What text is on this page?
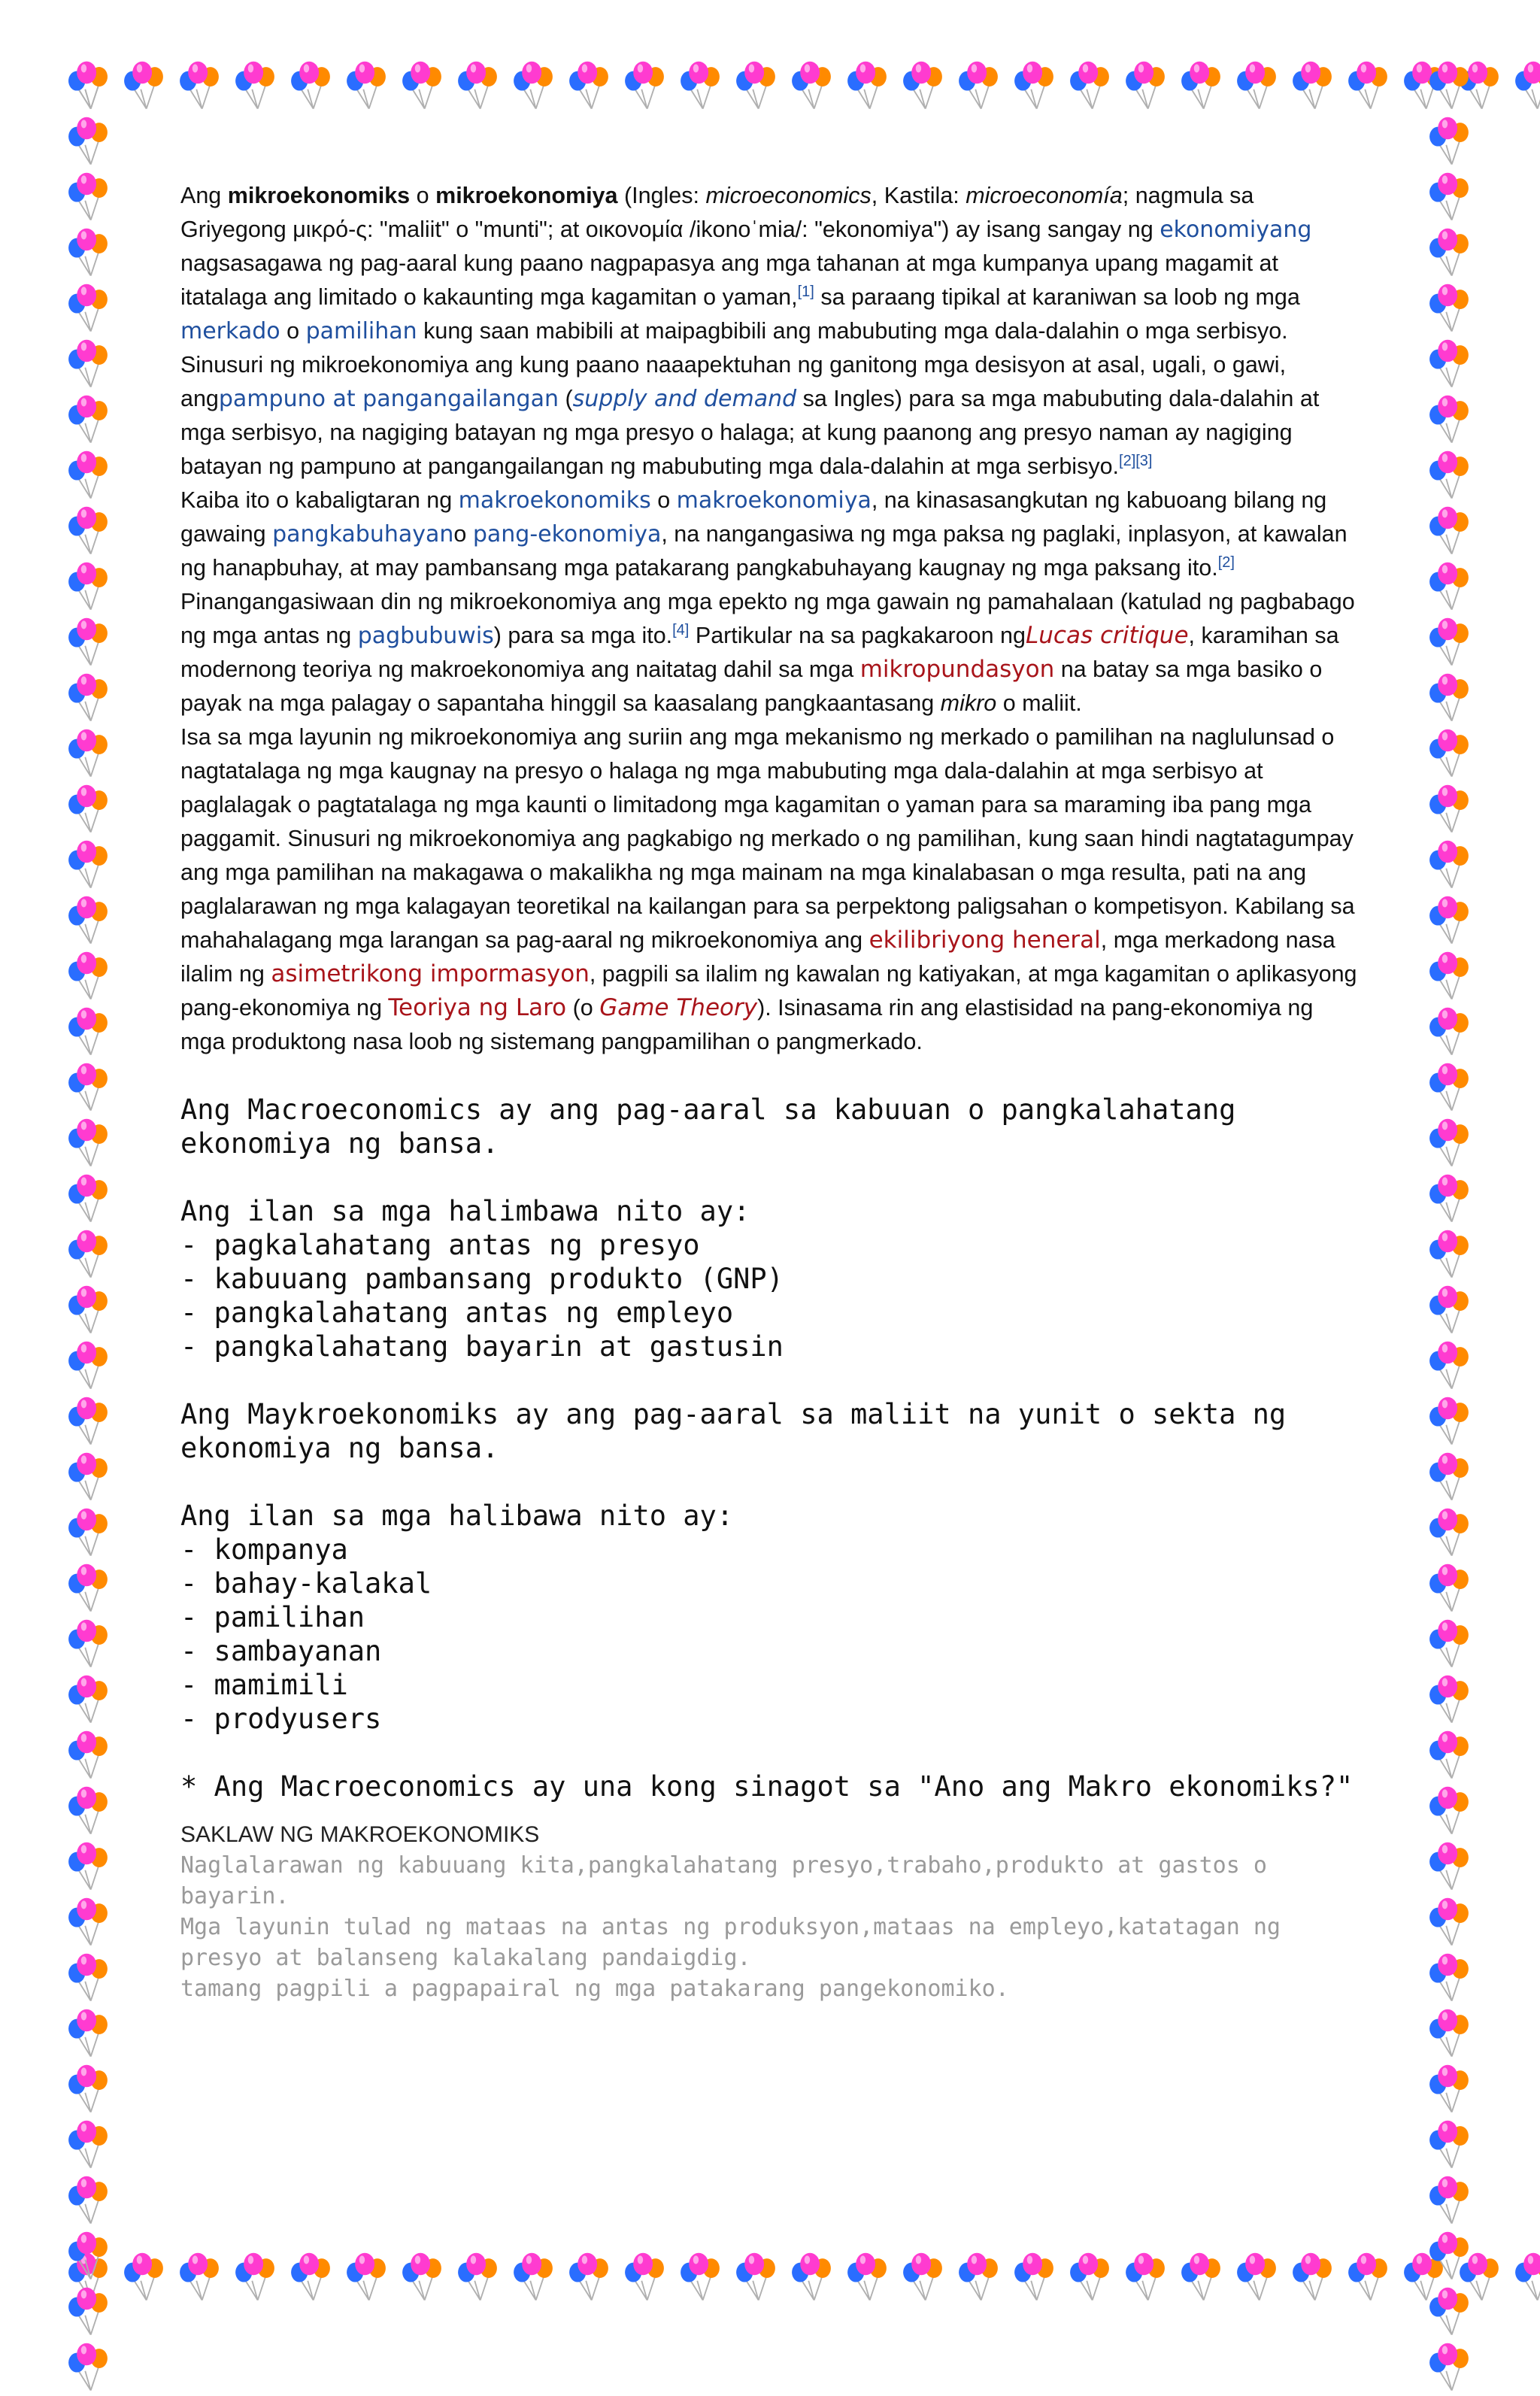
Ang mikroekonomiks o mikroekonomiya (Ingles: microeconomics, Kastila: microeconomía; nagmula sa Griyegong μικρό-ς: "maliit" o "munti"; at οικονομία /ikonoˈmia/: "ekonomiya") ay isang sangay ng ekonomiyang nagsasagawa ng pag-aaral kung paano nagpapasya ang mga tahanan at mga kumpanya upang magamit at itatalaga ang limitado o kakaunting mga kagamitan o yaman,[1] sa paraang tipikal at karaniwan sa loob ng mga merkado o pamilihan kung saan mabibili at maipagbibili ang mabubuting mga dala-dalahin o mga serbisyo. Sinusuri ng mikroekonomiya ang kung paano naaapektuhan ng ganitong mga desisyon at asal, ugali, o gawi, angpampuno at pangangailangan (supply and demand sa Ingles) para sa mga mabubuting dala-dalahin at mga serbisyo, na nagiging batayan ng mga presyo o halaga; at kung paanong ang presyo naman ay nagiging batayan ng pampuno at pangangailangan ng mabubuting mga dala-dalahin at mga serbisyo.[2][3]

Kaiba ito o kabaligtaran ng makroekonomiks o makroekonomiya, na kinasasangkutan ng kabuoang bilang ng gawaing pangkabuhayano pang-ekonomiya, na nangangasiwa ng mga paksa ng paglaki, inplasyon, at kawalan ng hanapbuhay, at may pambansang mga patakarang pangkabuhayang kaugnay ng mga paksang ito.[2] Pinangangasiwaan din ng mikroekonomiya ang mga epekto ng mga gawain ng pamahalaan (katulad ng pagbabago ng mga antas ng pagbubuwis) para sa mga ito.[4] Partikular na sa pagkakaroon ngLucas critique, karamihan sa modernong teoriya ng makroekonomiya ang naitatag dahil sa mga mikropundasyon na batay sa mga basiko o payak na mga palagay o sapantaha hinggil sa kaasalang pangkaantasang mikro o maliit.

Isa sa mga layunin ng mikroekonomiya ang suriin ang mga mekanismo ng merkado o pamilihan na naglulunsad o nagtatalaga ng mga kaugnay na presyo o halaga ng mga mabubuting mga dala-dalahin at mga serbisyo at paglalagak o pagtatalaga ng mga kaunti o limitadong mga kagamitan o yaman para sa maraming iba pang mga paggamit. Sinusuri ng mikroekonomiya ang pagkabigo ng merkado o ng pamilihan, kung saan hindi nagtatagumpay ang mga pamilihan na makagawa o makalikha ng mga mainam na mga kinalabasan o mga resulta, pati na ang paglalarawan ng mga kalagayan teoretikal na kailangan para sa perpektong paligsahan o kompetisyon. Kabilang sa mahahalagang mga larangan sa pag-aaral ng mikroekonomiya ang ekilibriyong heneral, mga merkadong nasa ilalim ng asimetrikong impormasyon, pagpili sa ilalim ng kawalan ng katiyakan, at mga kagamitan o aplikasyong pang-ekonomiya ng Teoriya ng Laro (o Game Theory). Isinasama rin ang elastisidad na pang-ekonomiya ng mga produktong nasa loob ng sistemang pangpamilihan o pangmerkado.

Ang Macroeconomics ay ang pag-aaral sa kabuuan o pangkalahatang ekonomiya ng bansa.
Ang ilan sa mga halimbawa nito ay:
- pagkalahatang antas ng presyo
- kabuuang pambansang produkto (GNP)
- pangkalahatang antas ng empleyo
- pangkalahatang bayarin at gastusin
Ang Maykroekonomiks ay ang pag-aaral sa maliit na yunit o sekta ng ekonomiya ng bansa.
Ang ilan sa mga halibawa nito ay:
- kompanya
- bahay-kalakal
- pamilihan
- sambayanan
- mamimili
- prodyusers
* Ang Macroeconomics ay una kong sinagot sa "Ano ang Makro ekonomiks?"
SAKLAW NG MAKROEKONOMIKS
Naglalarawan ng kabuuang kita,pangkalahatang presyo,trabaho,produkto at gastos o bayarin.
Mga layunin tulad ng mataas na antas ng produksyon,mataas na empleyo,katatagan ng presyo at balanseng kalakalang pandaigdig.
tamang pagpili a pagpapairal ng mga patakarang pangekonomiko.
